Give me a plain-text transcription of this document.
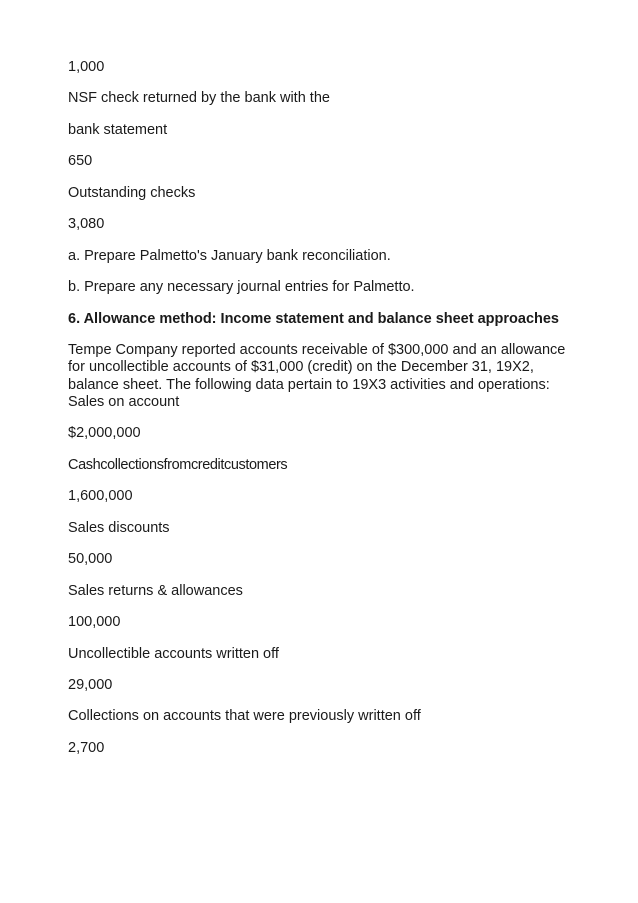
1,000

NSF check returned by the bank with the

bank statement

650

Outstanding checks

3,080

a. Prepare Palmetto's January bank reconciliation.

b. Prepare any necessary journal entries for Palmetto.

6. Allowance method: Income statement and balance sheet approaches

Tempe Company reported accounts receivable of $300,000 and an allowance for uncollectible accounts of $31,000 (credit) on the December 31, 19X2, balance sheet. The following data pertain to 19X3 activities and operations: Sales on account

$2,000,000

Cashcollectionsfromcreditcustomers

1,600,000

Sales discounts

50,000

Sales returns & allowances

100,000

Uncollectible accounts written off

29,000

Collections on accounts that were previously written off

2,700
